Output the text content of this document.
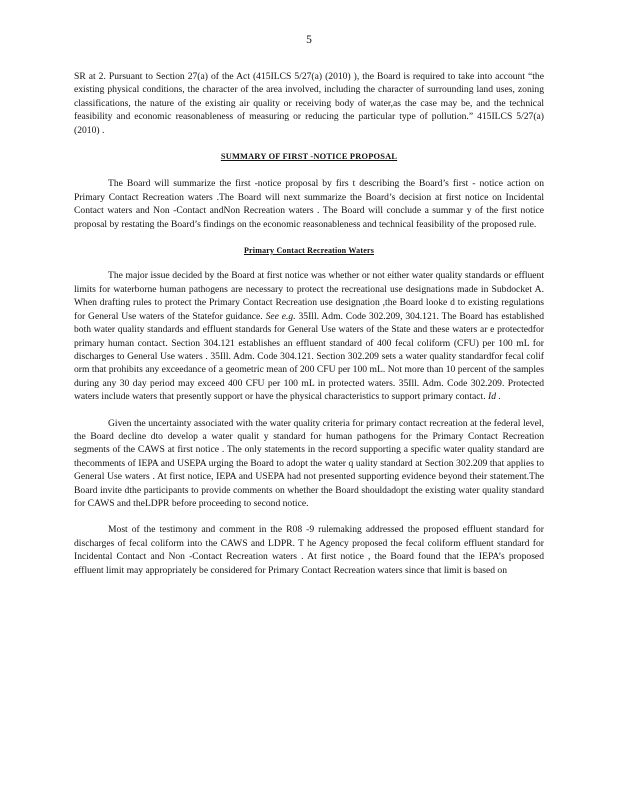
5

SR at 2. Pursuant to Section 27(a) of the Act (415ILCS 5/27(a) (2010) ), the Board is required to take into account “the existing physical conditions, the character of the area involved, including the character of surrounding land uses, zoning classifications, the nature of the existing air quality or receiving body of water,as the case may be, and the technical feasibility and economic reasonableness of measuring or reducing the particular type of pollution.” 415ILCS 5/27(a) (2010) .

SUMMARY OF FIRST -NOTICE PROPOSAL

The Board will summarize the first -notice proposal by firs t describing the Board’s first - notice action on Primary Contact Recreation waters .The Board will next summarize the Board’s decision at first notice on Incidental Contact waters and Non -Contact andNon Recreation waters . The Board will conclude a summar y of the first notice proposal by restating the Board’s findings on the economic reasonableness and technical feasibility of the proposed rule.

Primary Contact Recreation Waters

The major issue decided by the Board at first notice was whether or not either water quality standards or effluent limits for waterborne human pathogens are necessary to protect the recreational use designations made in Subdocket A. When drafting rules to protect the Primary Contact Recreation use designation ,the Board looke d to existing regulations for General Use waters of the Statefor guidance. See e.g. 35Ill. Adm. Code 302.209, 304.121. The Board has established both water quality standards and effluent standards for General Use waters of the State and these waters ar e protectedfor primary human contact. Section 304.121 establishes an effluent standard of 400 fecal coliform (CFU) per 100 mL for discharges to General Use waters . 35Ill. Adm. Code 304.121. Section 302.209 sets a water quality standardfor fecal colif orm that prohibits any exceedance of a geometric mean of 200 CFU per 100 mL. Not more than 10 percent of the samples during any 30 day period may exceed 400 CFU per 100 mL in protected waters. 35Ill. Adm. Code 302.209. Protected waters include waters that presently support or have the physical characteristics to support primary contact. Id .

Given the uncertainty associated with the water quality criteria for primary contact recreation at the federal level, the Board decline dto develop a water qualit y standard for human pathogens for the Primary Contact Recreation segments of the CAWS at first notice . The only statements in the record supporting a specific water quality standard are thecomments of IEPA and USEPA urging the Board to adopt the water q uality standard at Section 302.209 that applies to General Use waters . At first notice, IEPA and USEPA had not presented supporting evidence beyond their statement.The Board invite dthe participants to provide comments on whether the Board shouldadopt the existing water quality standard for CAWS and theLDPR before proceeding to second notice.

Most of the testimony and comment in the R08 -9 rulemaking addressed the proposed effluent standard for discharges of fecal coliform into the CAWS and LDPR. T he Agency proposed the fecal coliform effluent standard for Incidental Contact and Non -Contact Recreation waters . At first notice , the Board found that the IEPA’s proposed effluent limit may appropriately be considered for Primary Contact Recreation waters since that limit is based on
